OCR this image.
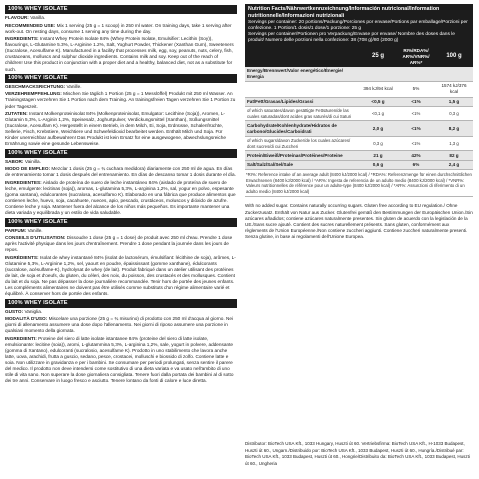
100% WHEY ISOLATE

FLAVOUR: Vanilla.

RECOMMENDED USE: Mix 1 serving (25 g = 1 scoop) in 250 ml water. On training days, take 1 serving after work-out. On resting days, consume 1 serving any time during the day.

INGREDIENTS: Instant Whey Protein Isolate 84% (Whey Protein Isolate, Emulsifier: Lecithin (Soy)), flavourings, L-Glutamine 5.3%, L-Arginine 1.2%, Salt, Yoghurt Powder, Thickener (Xanthan Gum), Sweeteners (Sucralose, Acesulfame K). Manufactured in a facility that processes milk, egg, soy, peanuts, nuts, celery, fish, crustaceans, molluscs and sulphur dioxide ingredients. Contains milk and soy. Keep out of the reach of children! Use this product in conjunction with a proper diet and a healthy, balanced diet, not as a substitute for such.

100% WHEY ISOLATE

GESCHMACKSRICHTUNG: Vanille.

VERZEHREMPFEHLUNG: Mischen Sie täglich 1 Portion (25 g = 1 Messlöffel) Produkt mit 250 ml Wasser. An Trainingstagen verzehren Sie 1 Portion nach dem Training. An trainingsfreien Tagen verzehren Sie 1 Portion zu jeder Tageszeit.

ZUTATEN: Instant Molkenproteinisolat 84% (Molkenproteinisolat, Emulgator: Lecithine (Soja)), Aromen, L-Glutamin 5,3%, L-Arginin 1,2%, Speisesalz, Joghurtpulver, Verdickungsmittel (Xanthan), Süßungsmittel (Sucralose, Acesulfam K). Hergestellt in einem Betrieb, in dem Milch, Ei, Soja, Erdnüsse, Schalenfrüchte, Sellerie, Fisch, Krebstiere, Weichtiere und Schwefeldioxid bearbeitet werden. Enthält Milch und Soja. Für Kinder unerreichbar aufbewahren! Das Produkt ist kein Ersatz für eine ausgewogene, abwechslungsreiche Ernährung sowie eine gesunde Lebensweise.

100% WHEY ISOLATE

SABOR: Vainilla.

MODO DE EMPLEO: Mezclar 1 dosis (25 g = ¾ cuchara medidora) diariamente con 250 ml de agua. En días de entrenamiento tomar 1 dosis después del entrenamiento. En días de descanso tomar 1 dosis durante el día.

INGREDIENTES: Aislado de proteína de suero de leche instantáneo 84% (aislado de proteína de suero de leche, emulgente: lecitinas (soja)), aromas, L-glutamina 5,3%, L-arginina 1,2%, sal, yogur en polvo, espesante (goma xantana), edulcorantes (sucralosa, acesulfamo K). Elaborado en una fábrica que produce alimentos que contienen leche, huevo, soja, cacahuete, nueces, apio, pescado, crustáceos, moluscos y dióxido de azufre. Contiene leche y soja. Mantener fuera del alcance de los niños más pequeños. Es importante mantener una dieta variada y equilibrada y un estilo de vida saludable.

100% WHEY ISOLATE

PARFUM: Vanille.

CONSEILS D'UTILISATION: Dissoudre 1 dose (25 g = 1 dose) de produit avec 250 ml d'eau. Prendre 1 dose après l'activité physique dans les jours d'entraînement. Prendre 1 dose pendant la journée dans les jours de repos.

INGRÉDIENTS: Isolat de whey instantané 84% (isolat de lactosérum, émulsifiant: lécithine de soja), arômes, L-Glutamine 5,3%, L-Arginine 1,2%, sel, yaourt en poudre, épaississant (gomme xanthane), édulcorants (sucralose, acésulfame-K), hydrolysat de whey (de lait). Produit fabriqué dans un atelier utilisant des protéines de lait, de soja et d'oeufs, du gluten, du céleri, des noix, du poisson, des crustacés et des mollusques. Contient du lait et du soja. Ne pas dépasser la dose journalière recommandée. Tenir hors de portée des jeunes enfants. Les compléments alimentaires ne doivent pas être utilisés comme substituts d'un régime alimentaire varié et équilibré. À conserver hors de portée des enfants.

100% WHEY ISOLATE

GUSTO: Vaniglia.

MODALITÀ D'USO: Miscelare una porzione (25 g = ¾ misurino) di prodotto con 250 ml d'acqua al giorno. Nei giorni di allenamento assumere una dose dopo l'allenamento. Nei giorni di riposo assumere una porzione in qualsiasi momento della giornata.

INGREDIENTI: Proteine del siero di latte isolate istantanee 84% (proteine del siero di latte isolate, emulsionante: lecitine (soia)), aromi, L-glutammina 5,3%, L-arginina 1,2%, sale, yogurt in polvere, addensante (gomma di Xantano), edulcoranti (sucralosio, acesulfame K). Prodotto in uno stabilimento che lavora anche latte, uova, arachidi, frutta a guscio, sedano, pesce, crostacei, molluschi e biossido di zolfo. Contiene latte e soia. Non utilizzare in gravidanza e per i bambini. Se consumare per periodi prolungati, senza sentire il parere del medico. Il prodotto non deve intendersi come sostitutivo di una dieta variata e va usato nell'ambito di uno stile di vita sano. Non superare la dose giornaliera consigliata. Tenere fuori dalla portata dei bambini al di sotto dei tre anni. Conservare in luogo fresco e asciutto. Tenere lontano da fonti di calore e luce diretta.

Nutrition Facts/Nährwertkennzeichnung/Información nutricional/Information nutritionnelle/Informazioni nutrizionali
Servings per container: 20 portions/Packung/Porciones por envase/Portions par emballage/Porzioni per confezione. 1 Portion/1 dosis/1 dose/1 porzione: 25 g
Servings per container/Portionen pro Verpackung/Envase por envase/ Nombre des doses dans le produit/ Numero delle porzioni nella confezione: 38 (708 g)/80 (2000 g)
	25 g	RI%/RDA%/ AR%/VNR%/ AR%*	100 g
Energy/Brennwert/Valor energético/Énergie/ Energia			
	394 kJ/94 kcal	5%	1574 kJ/376 kcal
Fat/Fett/Grasas/Lipides/Grassi	<0,5 g	<1%	1,5 g
of which saturates/davon gesättigte Fettsäuren/de las cuales saturadas/dont acides gras saturés/di cui Saturi	<0,1 g	<1%	0,3 g
Carbohydrate/Kohlenhydrate/Hidratos de carbono/Glucides/Carboidrati	2,0 g	<1%	8,2 g
of which sugars/davon Zucker/de los cuales azúcares/ dont sucres/di cui Zuccheri	0,3 g	<1%	1,3 g
Protein/Eiweiß/Proteínas/Protéines/Proteine	21 g	42%	82 g
Salt/Salz/Sal/Sel/Sale	0,6 g	6%	2,4 g
*RI%: Reference intake of an average adult (8400 kJ/2000 kcal) / *RDA%: Referenzmenge für einen durchschnittlichen Erwachsenen (8400 kJ/2000 kcal) / *AR%: Ingesta de referencia de un adulto medio (8400 kJ/2000 kcal) / *VNR%: Valeurs nutritionnelles de référence pour un adulte-type (8400 kJ/2000 kcal) / *AR%: Assunzioni di riferimento di un adulto medio (8400 kJ/2000 kcal)
With no added sugar. Contains naturally occurring sugars. Gluten free according to EU regulation./ Ohne Zuckerzusatz. Enthält von Natur aus Zucker. Glutenfrei gemäß den Bestimmungen der Europäischen Union./Sin azúcares añadidos; contiene azúcares naturalmente presentes. Sin gluten de acuerdo con la legislación de la UE./Sans sucre ajouté. Contient des sucres naturellement présents. Sans gluten, conformément aux règlements de l'Union Européenne./Non contiene zuccheri aggiunti. Contiene zuccheri naturalmente presenti. Senza glutine, in base ai regolamenti dell'Unione Europea.
Distributor: BioTech USA Kft., 1033 Hungary, Huszti út 60. Vertriebsfirma: BioTech USA Kft., H-1033 Budapest, Huszti út 60., Ungarn./Distribuido por: BioTech USA Kft., 1033 Budapest, Huszti út 60., Hungría./Distribué par: BioTech USA Kft., 1033 Budapest, Huszti út 60., Hongrie/Distribuito da: BioTech USA Kft., 1033 Budapest, Huszti út 60., Ungheria
